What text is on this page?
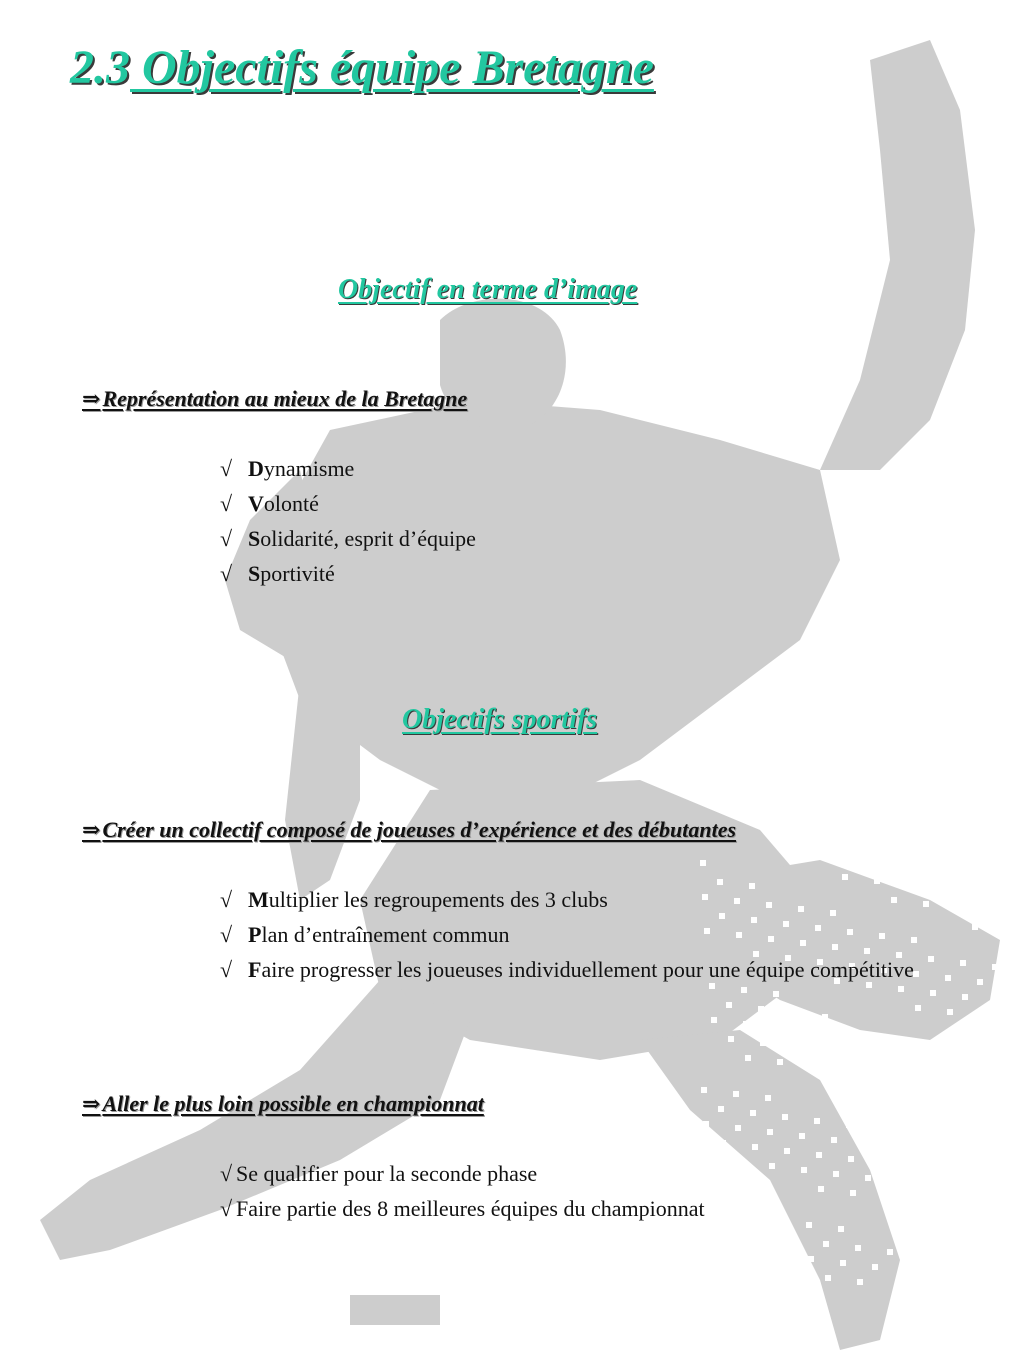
2.3 Objectifs équipe Bretagne
Objectif en terme d’image

⇒Représentation au mieux de la Bretagne

√ Dynamisme
√ Volonté
√ Solidarité, esprit d’équipe
√ Sportivité
Objectifs sportifs

⇒Créer un collectif composé de joueuses d’expérience et des débutantes

√ Multiplier les regroupements des 3 clubs
√ Plan d’entraînement commun
√ Faire progresser les joueuses individuellement pour une équipe compétitive

⇒Aller le plus loin possible en championnat

√ Se qualifier pour la seconde phase
√ Faire partie des 8 meilleures équipes du championnat
